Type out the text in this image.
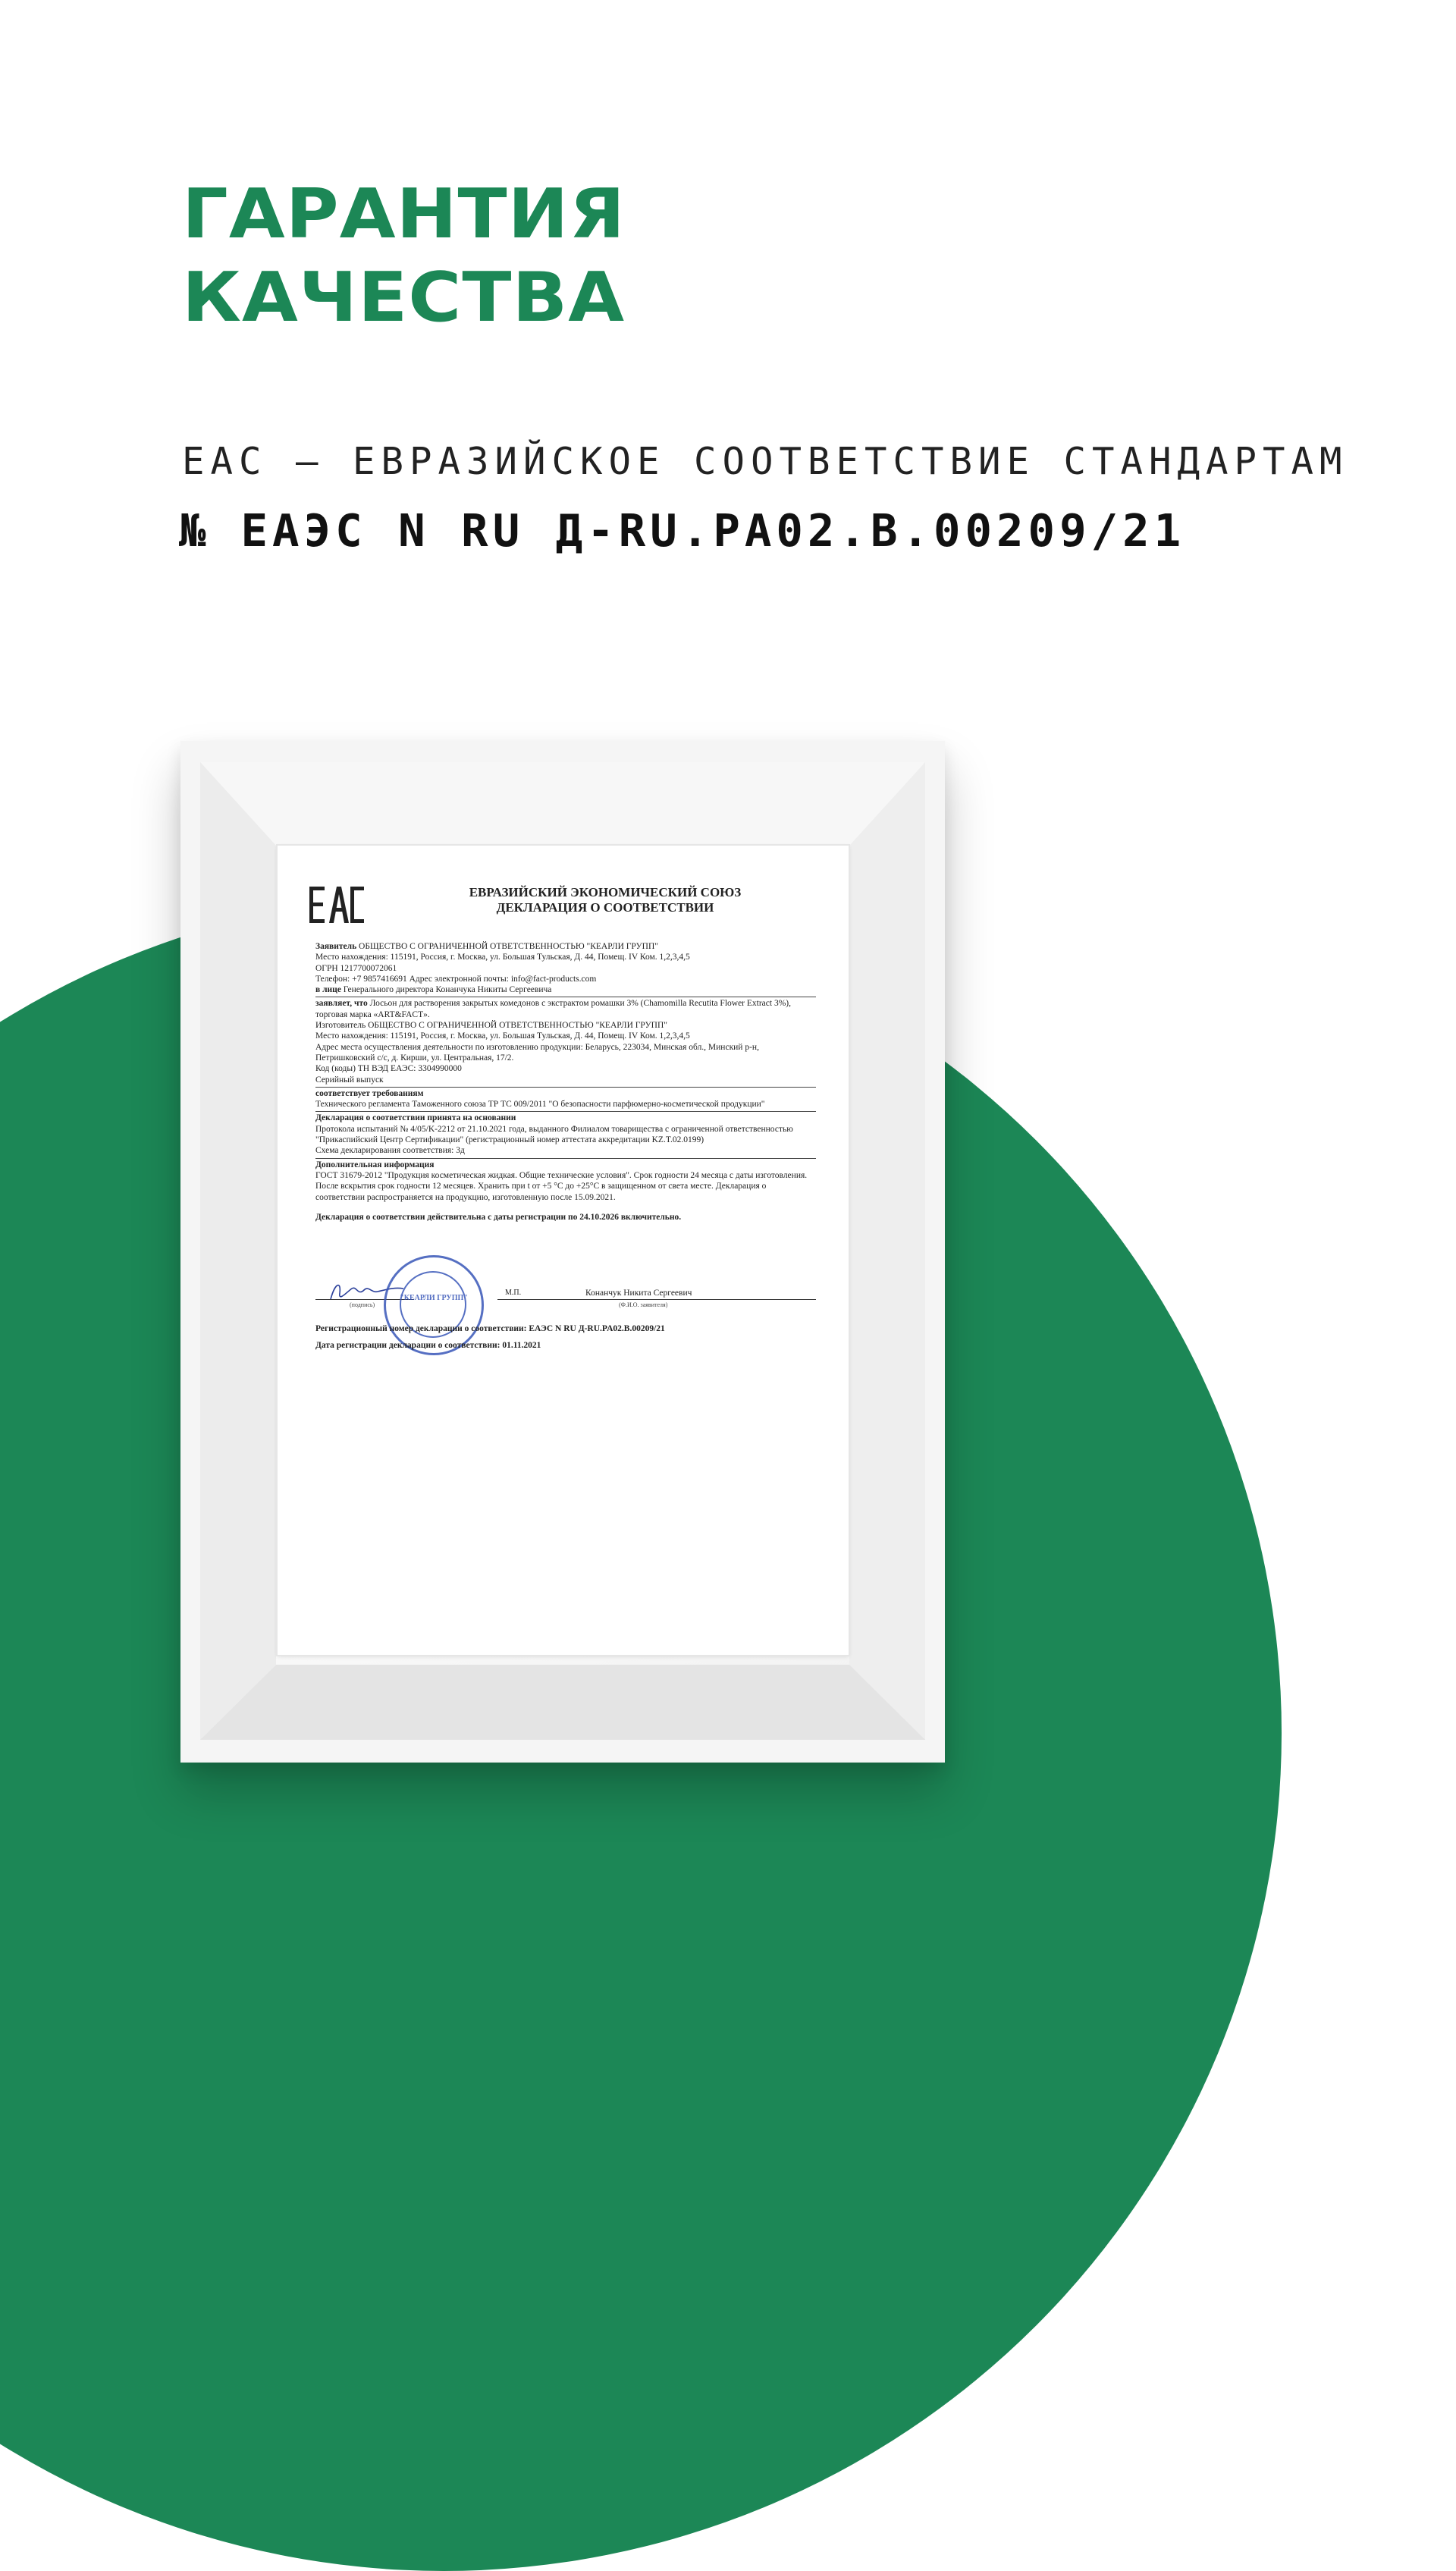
ГАРАНТИЯ
КАЧЕСТВА
ЕАС – ЕВРАЗИЙСКОЕ СООТВЕТСТВИЕ СТАНДАРТАМ
№ ЕАЭС N RU Д-RU.PA02.B.00209/21
ЕВРАЗИЙСКИЙ ЭКОНОМИЧЕСКИЙ СОЮЗ
ДЕКЛАРАЦИЯ О СООТВЕТСТВИИ

Заявитель ОБЩЕСТВО С ОГРАНИЧЕННОЙ ОТВЕТСТВЕННОСТЬЮ "КЕАРЛИ ГРУПП"

Место нахождения: 115191, Россия, г. Москва, ул. Большая Тульская, Д. 44, Помещ. IV Ком. 1,2,3,4,5

ОГРН 1217700072061

Телефон: +7 9857416691 Адрес электронной почты: info@fact-products.com

в лице Генерального директора Конанчука Никиты Сергеевича

заявляет, что Лосьон для растворения закрытых комедонов с экстрактом ромашки 3% (Chamomilla Recutita Flower Extract 3%), торговая марка «ART&FACT».

Изготовитель ОБЩЕСТВО С ОГРАНИЧЕННОЙ ОТВЕТСТВЕННОСТЬЮ "КЕАРЛИ ГРУПП"

Место нахождения: 115191, Россия, г. Москва, ул. Большая Тульская, Д. 44, Помещ. IV Ком. 1,2,3,4,5

Адрес места осуществления деятельности по изготовлению продукции: Беларусь, 223034, Минская обл., Минский р-н, Петришковский с/с, д. Кирши, ул. Центральная, 17/2.

Код (коды) ТН ВЭД ЕАЭС: 3304990000

Серийный выпуск

соответствует требованиям

Технического регламента Таможенного союза ТР ТС 009/2011 "О безопасности парфюмерно-косметической продукции"

Декларация о соответствии принята на основании

Протокола испытаний № 4/05/K-2212 от 21.10.2021 года, выданного Филиалом товарищества с ограниченной ответственностью "Прикаспийский Центр Сертификации" (регистрационный номер аттестата аккредитации KZ.T.02.0199)

Схема декларирования соответствия: 3д

Дополнительная информация

ГОСТ 31679-2012 "Продукция косметическая жидкая. Общие технические условия". Срок годности 24 месяца с даты изготовления. После вскрытия срок годности 12 месяцев. Хранить при t от +5 °С до +25°С в защищенном от света месте. Декларация о соответствии распространяется на продукцию, изготовленную после 15.09.2021.

Декларация о соответствии действительна с даты регистрации по 24.10.2026 включительно.

(подпись)
М.П.	Конанчук Никита Сергеевич
(Ф.И.О. заявителя)
"КЕАРЛИ ГРУПП"
Регистрационный номер декларации о соответствии: ЕАЭС N RU Д-RU.PA02.B.00209/21
Дата регистрации декларации о соответствии: 01.11.2021
